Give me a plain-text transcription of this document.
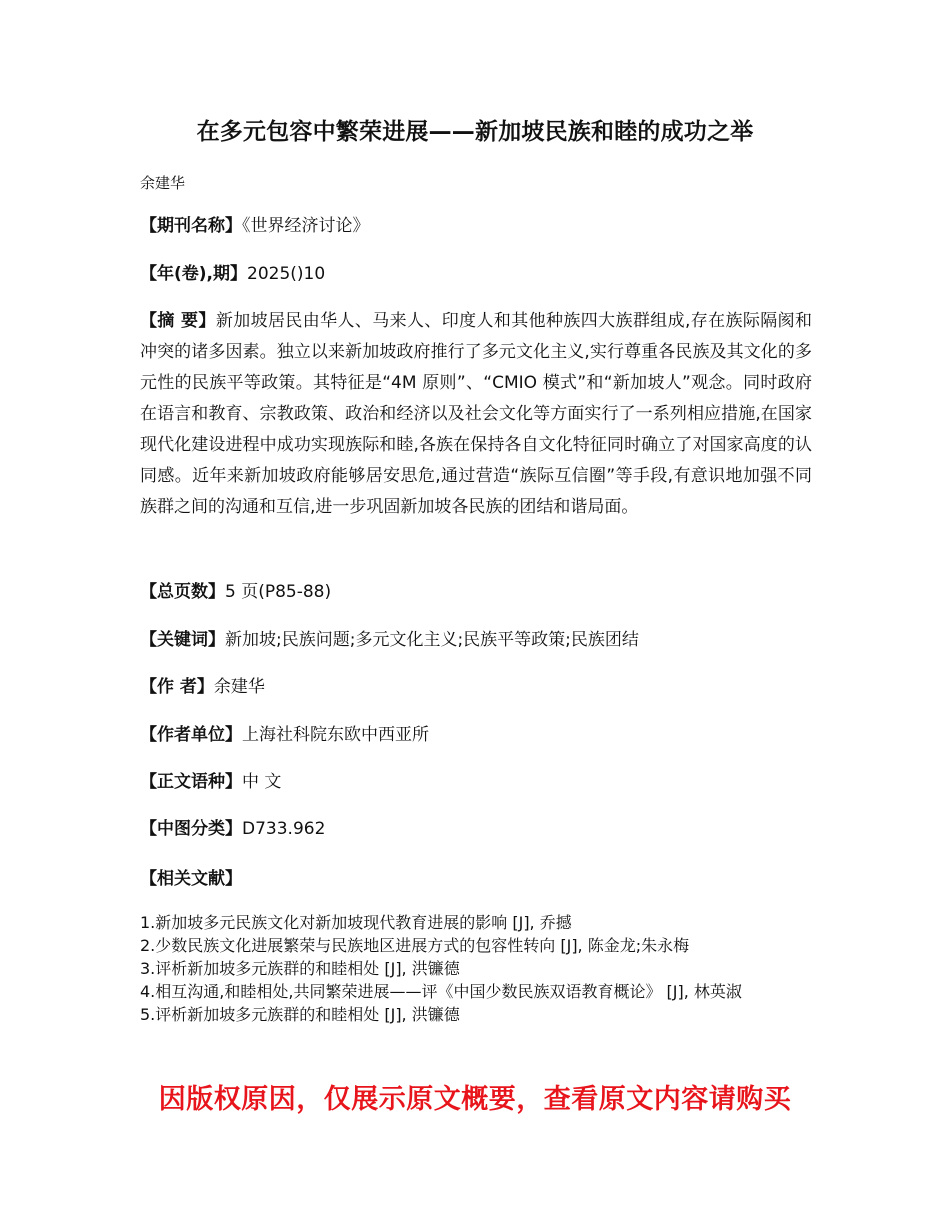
在多元包容中繁荣进展——新加坡民族和睦的成功之举
余建华
【期刊名称】《世界经济讨论》
【年(卷),期】2025()10
【摘 要】新加坡居民由华人、马来人、印度人和其他种族四大族群组成,存在族际隔阂和冲突的诸多因素。独立以来新加坡政府推行了多元文化主义,实行尊重各民族及其文化的多元性的民族平等政策。其特征是“4M 原则”、“CMIO 模式”和“新加坡人”观念。同时政府在语言和教育、宗教政策、政治和经济以及社会文化等方面实行了一系列相应措施,在国家现代化建设进程中成功实现族际和睦,各族在保持各自文化特征同时确立了对国家高度的认同感。近年来新加坡政府能够居安思危,通过营造“族际互信圈”等手段,有意识地加强不同族群之间的沟通和互信,进一步巩固新加坡各民族的团结和谐局面。
【总页数】5 页(P85-88)
【关键词】新加坡;民族问题;多元文化主义;民族平等政策;民族团结
【作 者】余建华
【作者单位】上海社科院东欧中西亚所
【正文语种】中 文
【中图分类】D733.962
【相关文献】
1.新加坡多元民族文化对新加坡现代教育进展的影响 [J], 乔撼
2.少数民族文化进展繁荣与民族地区进展方式的包容性转向 [J], 陈金龙;朱永梅
3.评析新加坡多元族群的和睦相处 [J], 洪镰德
4.相互沟通,和睦相处,共同繁荣进展——评《中国少数民族双语教育概论》 [J], 林英淑
5.评析新加坡多元族群的和睦相处 [J], 洪镰德
因版权原因，仅展示原文概要，查看原文内容请购买
